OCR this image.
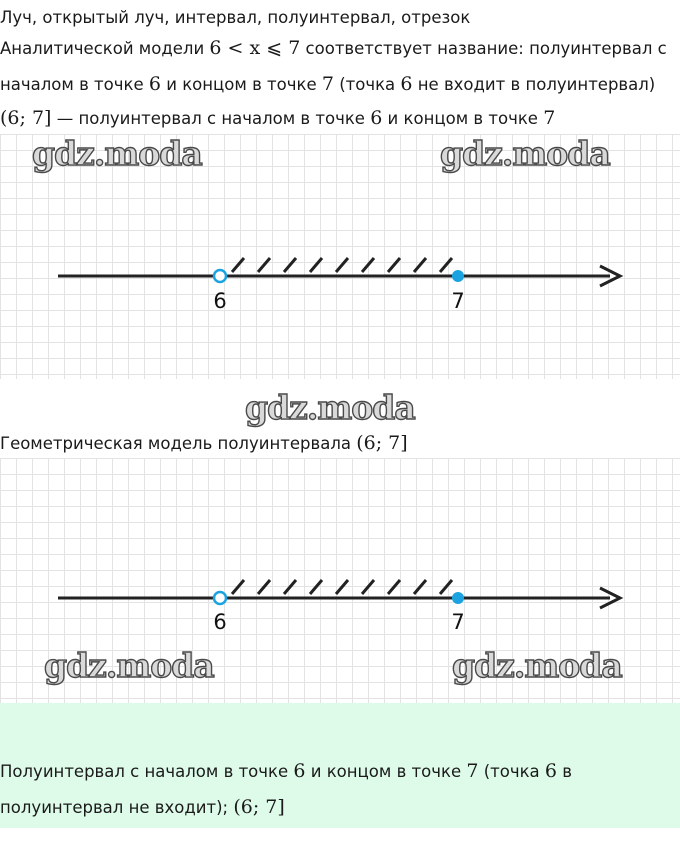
Луч, открытый луч, интервал, полуинтервал, отрезок
Аналитической модели 6 < x ⩽ 7 соответствует название: полуинтервал с
началом в точке 6 и концом в точке 7 (точка 6 не входит в полуинтервал)
(6; 7] — полуинтервал с началом в точке 6 и концом в точке 7
gdz.moda	gdz.moda
6	7
gdz.moda
Геометрическая модель полуинтервала (6; 7]
6	7
gdz.moda	gdz.moda
Полуинтервал с началом в точке 6 и концом в точке 7 (точка 6 в
полуинтервал не входит); (6; 7]
